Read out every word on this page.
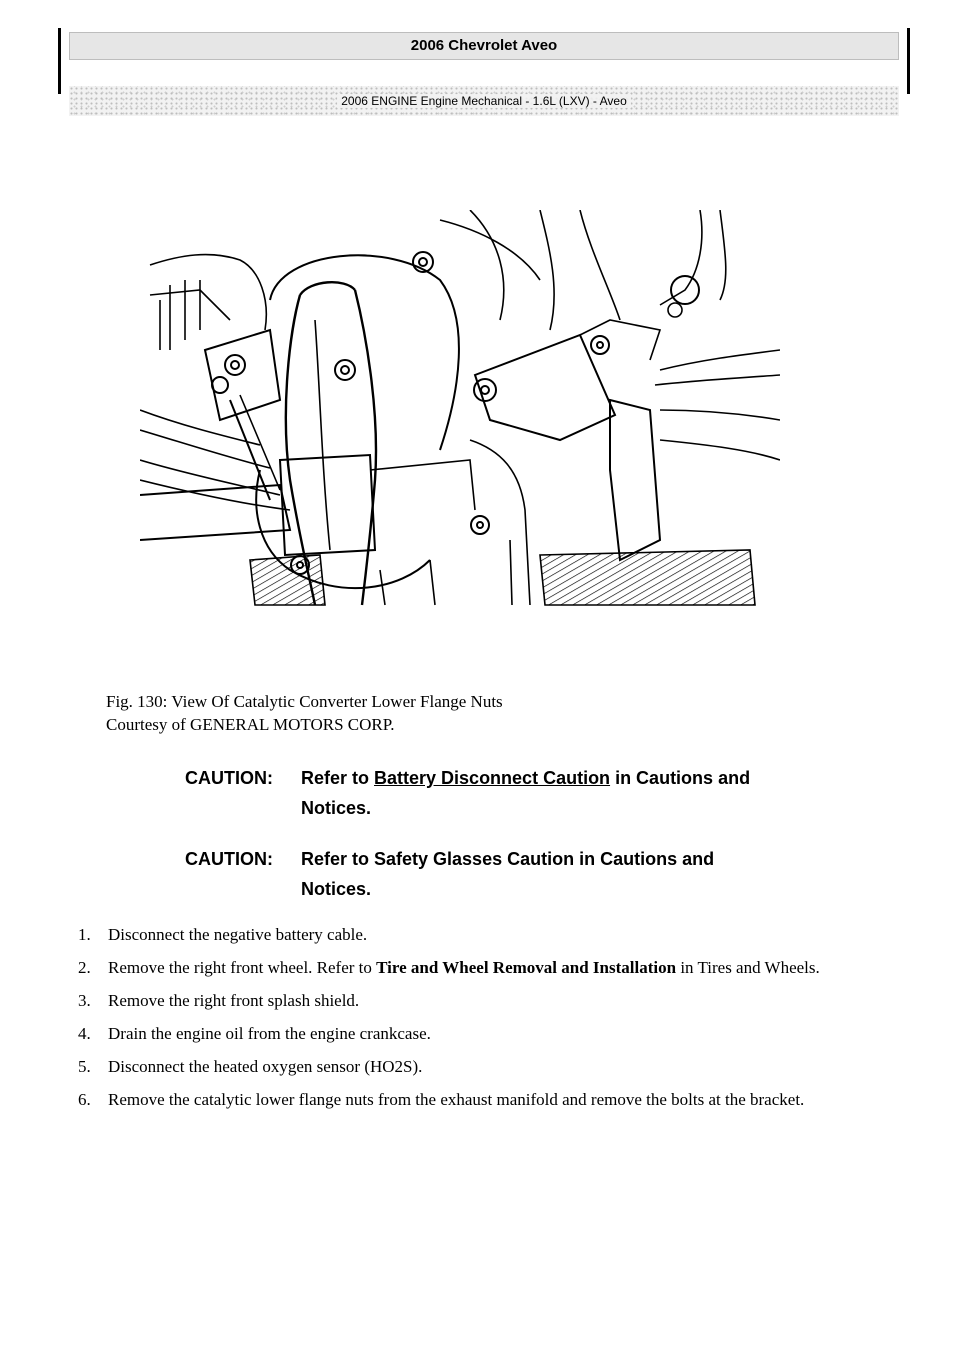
2006 Chevrolet Aveo
2006 ENGINE Engine Mechanical - 1.6L (LXV) - Aveo
Fig. 130: View Of Catalytic Converter Lower Flange Nuts
Courtesy of GENERAL MOTORS CORP.
CAUTION: Refer to Battery Disconnect Caution in Cautions and
Notices.
CAUTION: Refer to Safety Glasses Caution in Cautions and
Notices.
1. Disconnect the negative battery cable.
2. Remove the right front wheel. Refer to Tire and Wheel Removal and Installation in Tires and Wheels.
3. Remove the right front splash shield.
4. Drain the engine oil from the engine crankcase.
5. Disconnect the heated oxygen sensor (HO2S).
6. Remove the catalytic lower flange nuts from the exhaust manifold and remove the bolts at the bracket.
